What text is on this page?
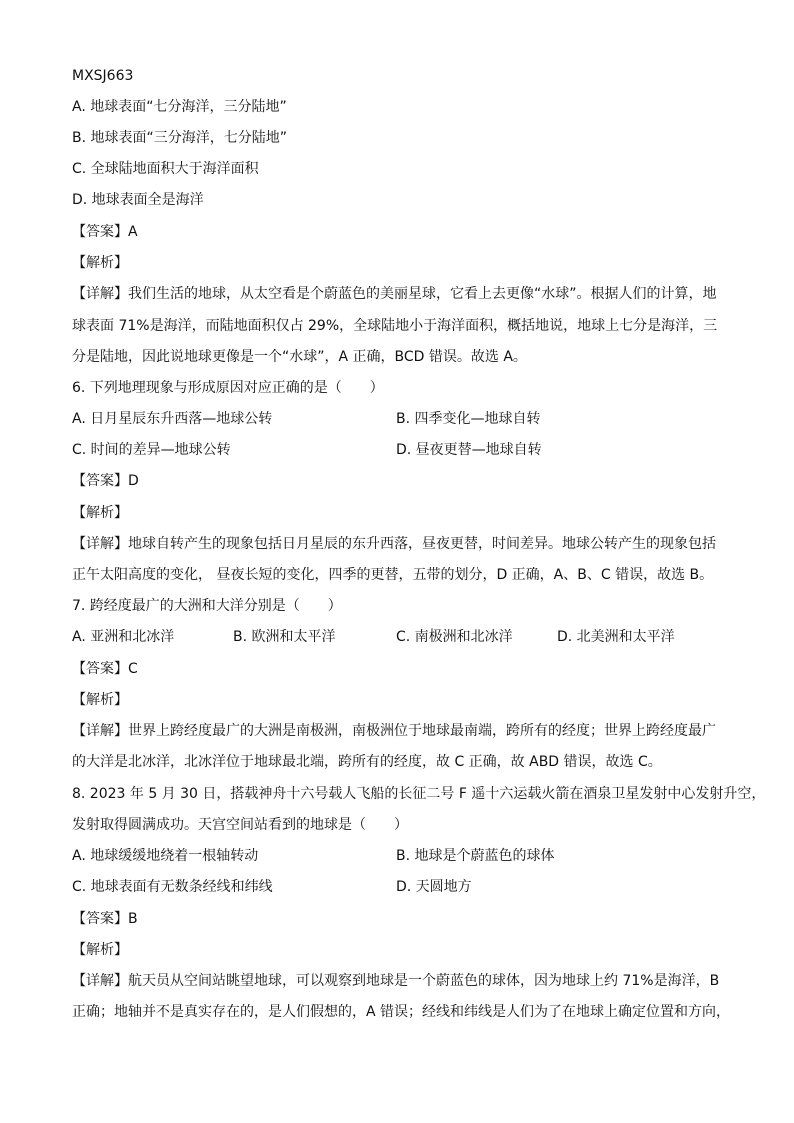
MXSJ663

A. 地球表面“七分海洋，三分陆地”

B. 地球表面“三分海洋，七分陆地”

C. 全球陆地面积大于海洋面积

D. 地球表面全是海洋

【答案】A

【解析】

【详解】我们生活的地球，从太空看是个蔚蓝色的美丽星球，它看上去更像“水球”。根据人们的计算，地

球表面 71%是海洋，而陆地面积仅占 29%，全球陆地小于海洋面积，概括地说，地球上七分是海洋，三

分是陆地，因此说地球更像是一个“水球”，A 正确，BCD 错误。故选 A。

6. 下列地理现象与形成原因对应正确的是（　　）

A. 日月星辰东升西落—地球公转	B. 四季变化—地球自转

C. 时间的差异—地球公转	D. 昼夜更替—地球自转

【答案】D

【解析】

【详解】地球自转产生的现象包括日月星辰的东升西落，昼夜更替，时间差异。地球公转产生的现象包括

正午太阳高度的变化， 昼夜长短的变化，四季的更替，五带的划分，D 正确，A、B、C 错误，故选 B。

7. 跨经度最广的大洲和大洋分别是（　　）

A. 亚洲和北冰洋	B. 欧洲和太平洋	C. 南极洲和北冰洋	D. 北美洲和太平洋

【答案】C

【解析】

【详解】世界上跨经度最广的大洲是南极洲，南极洲位于地球最南端，跨所有的经度；世界上跨经度最广

的大洋是北冰洋，北冰洋位于地球最北端，跨所有的经度，故 C 正确，故 ABD 错误，故选 C。

8. 2023 年 5 月 30 日，搭载神舟十六号载人飞船的长征二号 F 遥十六运载火箭在酒泉卫星发射中心发射升空，

发射取得圆满成功。天宫空间站看到的地球是（　　）

A. 地球缓缓地绕着一根轴转动	B. 地球是个蔚蓝色的球体

C. 地球表面有无数条经线和纬线	D. 天圆地方

【答案】B

【解析】

【详解】航天员从空间站眺望地球，可以观察到地球是一个蔚蓝色的球体，因为地球上约 71%是海洋，B

正确；地轴并不是真实存在的，是人们假想的，A 错误；经线和纬线是人们为了在地球上确定位置和方向，
